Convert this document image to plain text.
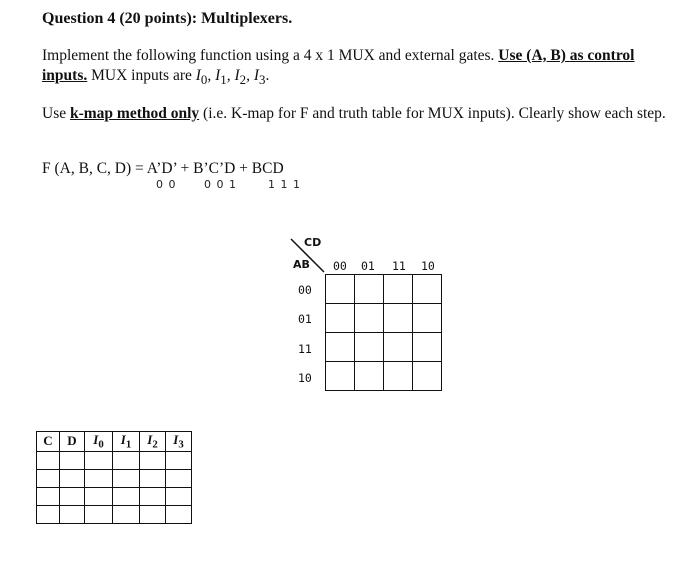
Question 4 (20 points): Multiplexers.
Implement the following function using a 4 x 1 MUX and external gates. Use (A, B) as control inputs. MUX inputs are $I_0$, $I_1$, $I_2$, $I_3$.
Use k-map method only (i.e. K-map for F and truth table for MUX inputs). Clearly show each step.
F (A, B, C, D) = A’D’ + B’C’D + BCD
0 0	0 0 1	1 1 1
CD
AB 00 01 11 10
00
01
11
10

C	D	$I_0$	$I_1$	$I_2$	$I_3$
